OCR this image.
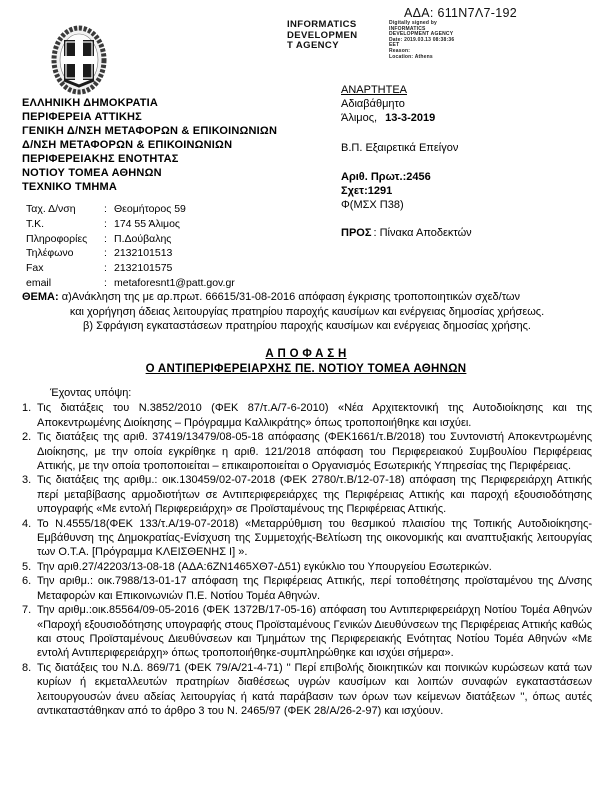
ΑΔΑ: 611Ν7Λ7-192
INFORMATICS
DEVELOPMEN
T AGENCY
Digitally signed by
INFORMATICS
DEVELOPMENT AGENCY
Date: 2019.03.13 08:38:36
EET
Reason:
Location: Athens
ΕΛΛΗΝΙΚΗ ΔΗΜΟΚΡΑΤΙΑ
ΠΕΡΙΦΕΡΕΙΑ ΑΤΤΙΚΗΣ
ΓΕΝΙΚΗ Δ/ΝΣΗ ΜΕΤΑΦΟΡΩΝ & ΕΠΙΚΟΙΝΩΝΙΩΝ
Δ/ΝΣΗ ΜΕΤΑΦΟΡΩΝ & ΕΠΙΚΟΙΝΩΝΙΩΝ
ΠΕΡΙΦΕΡΕΙΑΚΗΣ ΕΝΟΤΗΤΑΣ
ΝΟΤΙΟΥ ΤΟΜΕΑ ΑΘΗΝΩΝ
ΤΕΧΝΙΚΟ ΤΜΗΜΑ
Ταχ. Δ/νση	: Θεομήτορος 59
Τ.Κ.	: 174 55 Άλιμος
Πληροφορίες	: Π.Δούβαλης
Τηλέφωνο	: 2132101513
Fax	: 2132101575
email	: metaforesnt1@patt.gov.gr
ΑΝΑΡΤΗΤΕΑ
Αδιαβάθμητο
Άλιμος, 13-3-2019
Β.Π. Εξαιρετικά Επείγον
Αριθ. Πρωτ.:2456
Σχετ:1291
Φ(ΜΣΧ Π38)
ΠΡΟΣ : Πίνακα Αποδεκτών
ΘΕΜΑ: α)Ανάκληση της με αρ.πρωτ. 66615/31-08-2016 απόφαση έγκρισης τροποποιητικών σχεδ/των
και χορήγηση άδειας λειτουργίας πρατηρίου παροχής καυσίμων και ενέργειας δημοσίας χρήσεως.
β) Σφράγιση εγκαταστάσεων πρατηρίου παροχής καυσίμων και ενέργειας δημοσίας χρήσης.
Α Π Ο Φ Α Σ Η
Ο ΑΝΤΙΠΕΡΙΦΕΡΕΙΑΡΧΗΣ ΠΕ. ΝΟΤΙΟΥ ΤΟΜΕΑ ΑΘΗΝΩΝ
Έχοντας υπόψη:
1. Τις διατάξεις του Ν.3852/2010 (ΦΕΚ 87/τ.Α/7-6-2010) «Νέα Αρχιτεκτονική της Αυτοδιοίκησης και της Αποκεντρωμένης Διοίκησης – Πρόγραμμα Καλλικράτης» όπως τροποποιήθηκε και ισχύει.
2. Τις διατάξεις της αριθ. 37419/13479/08-05-18 απόφασης (ΦΕΚ1661/τ.Β/2018) του Συντονιστή Αποκεντρωμένης Διοίκησης, με την οποία εγκρίθηκε η αριθ. 121/2018 απόφαση του Περιφερειακού Συμβουλίου Περιφέρειας Αττικής, με την οποία τροποποιείται – επικαιροποιείται ο Οργανισμός Εσωτερικής Υπηρεσίας της Περιφέρειας.
3. Τις διατάξεις της αριθμ.: οικ.130459/02-07-2018 (ΦΕΚ 2780/τ.Β/12-07-18) απόφαση της Περιφερειάρχη Αττικής περί μεταβίβασης αρμοδιοτήτων σε Αντιπεριφερειάρχες της Περιφέρειας Αττικής και παροχή εξουσιοδότησης υπογραφής «Με εντολή Περιφερειάρχη» σε Προϊσταμένους της Περιφέρειας Αττικής.
4. Το Ν.4555/18(ΦΕΚ 133/τ.Α/19-07-2018) «Μεταρρύθμιση του θεσμικού πλαισίου της Τοπικής Αυτοδιοίκησης-Εμβάθυνση της Δημοκρατίας-Ενίσχυση της Συμμετοχής-Βελτίωση της οικονομικής και αναπτυξιακής λειτουργίας των Ο.Τ.Α. [Πρόγραμμα ΚΛΕΙΣΘΕΝΗΣ Ι] ».
5. Την αριθ.27/42203/13-08-18 (ΑΔΑ:6ΖΝ1465ΧΘ7-Δ51) εγκύκλιο του Υπουργείου Εσωτερικών.
6. Την αριθμ.: οικ.7988/13-01-17 απόφαση της Περιφέρειας Αττικής, περί τοποθέτησης προϊσταμένου της Δ/νσης Μεταφορών και Επικοινωνιών Π.Ε. Νοτίου Τομέα Αθηνών.
7. Την αριθμ.:οικ.85564/09-05-2016 (ΦΕΚ 1372Β/17-05-16) απόφαση του Αντιπεριφερειάρχη Νοτίου Τομέα Αθηνών «Παροχή εξουσιοδότησης υπογραφής στους Προϊσταμένους Γενικών Διευθύνσεων της Περιφέρειας Αττικής καθώς και στους Προϊσταμένους Διευθύνσεων και Τμημάτων της Περιφερειακής Ενότητας Νοτίου Τομέα Αθηνών «Με εντολή Αντιπεριφερειάρχη» όπως τροποποιήθηκε-συμπληρώθηκε και ισχύει σήμερα».
8. Τις διατάξεις του Ν.Δ. 869/71 (ΦΕΚ 79/Α/21-4-71) '' Περί επιβολής διοικητικών και ποινικών κυρώσεων κατά των κυρίων ή εκμεταλλευτών πρατηρίων διαθέσεως υγρών καυσίμων και λοιπών συναφών εγκαταστάσεων λειτουργουσών άνευ αδείας λειτουργίας ή κατά παράβασιν των όρων των κείμενων διατάξεων '', όπως αυτές αντικαταστάθηκαν από το άρθρο 3 του Ν. 2465/97 (ΦΕΚ 28/Α/26-2-97) και ισχύουν.
